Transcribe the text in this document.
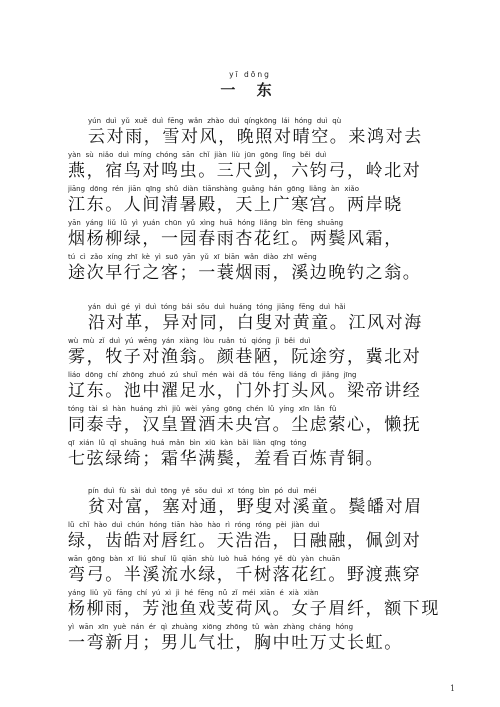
yī dōng
一 东
yún duì yǔ xuě duì fēng wǎn zhào duì qíngkōng lái hóng duì qù
云对雨，雪对风，晚照对晴空。来鸿对去
yàn sù niǎo duì míng chóng sān chǐ jiàn liù jūn gōng lǐng běi duì
燕，宿鸟对鸣虫。三尺剑，六钧弓，岭北对
jiāng dōng rén jiān qīng shǔ diàn tiānshàng guǎng hán gōng liǎng àn xiǎo
江东。人间清暑殿，天上广寒宫。两岸晓
yān yáng liǔ lǜ yì yuán chūn yǔ xìng huā hóng liǎng bìn fēng shuāng
烟杨柳绿，一园春雨杏花红。两鬓风霜，
tú cì zǎo xíng zhī kè yì suō yān yǔ xī biān wǎn diào zhī wēng
途次早行之客；一蓑烟雨，溪边晚钓之翁。
yán duì gé yì duì tóng bái sǒu duì huáng tóng jiāng fēng duì hǎi
沿对革，异对同，白叟对黄童。江风对海
wù mù zǐ duì yú wēng yán xiàng lòu ruǎn tú qióng jì běi duì
雾，牧子对渔翁。颜巷陋，阮途穷，冀北对
liáo dōng chí zhōng zhuó zú shuǐ mén wài dǎ tóu fēng liáng dì jiǎng jīng
辽东。池中濯足水，门外打头风。梁帝讲经
tóng tài sì hàn huáng zhì jiǔ wèi yāng gōng chén lǜ yíng xīn lǎn fǔ
同泰寺，汉皇置酒未央宫。尘虑萦心，懒抚
qī xián lǜ qǐ shuāng huá mǎn bìn xiū kàn bǎi liàn qīng tóng
七弦绿绮；霜华满鬓，羞看百炼青铜。
pín duì fù sài duì tōng yě sǒu duì xī tóng bìn pó duì méi
贫对富，塞对通，野叟对溪童。鬓皤对眉
lǜ chǐ hào duì chún hóng tiān hào hào rì róng róng pèi jiàn duì
绿，齿皓对唇红。天浩浩，日融融，佩剑对
wān gōng bàn xī liú shuǐ lǜ qiān shù luò huā hóng yě dù yàn chuān
弯弓。半溪流水绿，千树落花红。野渡燕穿
yáng liǔ yǔ fāng chí yú xì jì hé fēng nǚ zǐ méi xiān é xià xiàn
杨柳雨，芳池鱼戏芰荷风。女子眉纤，额下现
yì wān xīn yuè nán ér qì zhuàng xiōng zhōng tǔ wàn zhàng cháng hóng
一弯新月；男儿气壮，胸中吐万丈长虹。
1
